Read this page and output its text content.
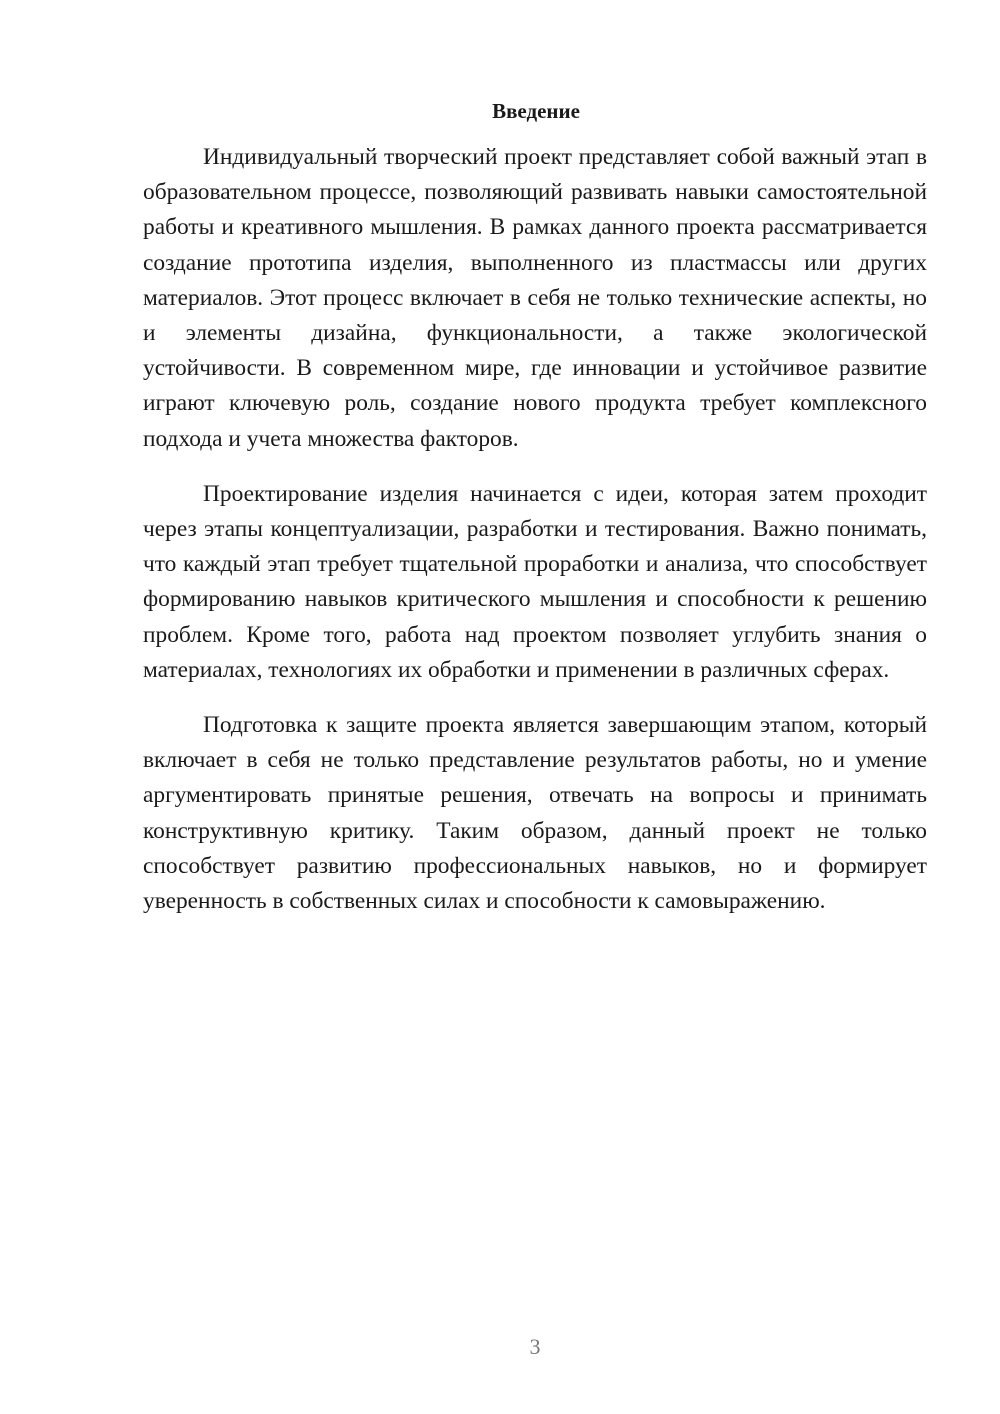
Введение

Индивидуальный творческий проект представляет собой важный этап в образовательном процессе, позволяющий развивать навыки самостоятельной работы и креативного мышления. В рамках данного проекта рассматривается создание прототипа изделия, выполненного из пластмассы или других материалов. Этот процесс включает в себя не только технические аспекты, но и элементы дизайна, функциональности, а также экологической устойчивости. В современном мире, где инновации и устойчивое развитие играют ключевую роль, создание нового продукта требует комплексного подхода и учета множества факторов.

Проектирование изделия начинается с идеи, которая затем проходит через этапы концептуализации, разработки и тестирования. Важно понимать, что каждый этап требует тщательной проработки и анализа, что способствует формированию навыков критического мышления и способности к решению проблем. Кроме того, работа над проектом позволяет углубить знания о материалах, технологиях их обработки и применении в различных сферах.

Подготовка к защите проекта является завершающим этапом, который включает в себя не только представление результатов работы, но и умение аргументировать принятые решения, отвечать на вопросы и принимать конструктивную критику. Таким образом, данный проект не только способствует развитию профессиональных навыков, но и формирует уверенность в собственных силах и способности к самовыражению.

3
